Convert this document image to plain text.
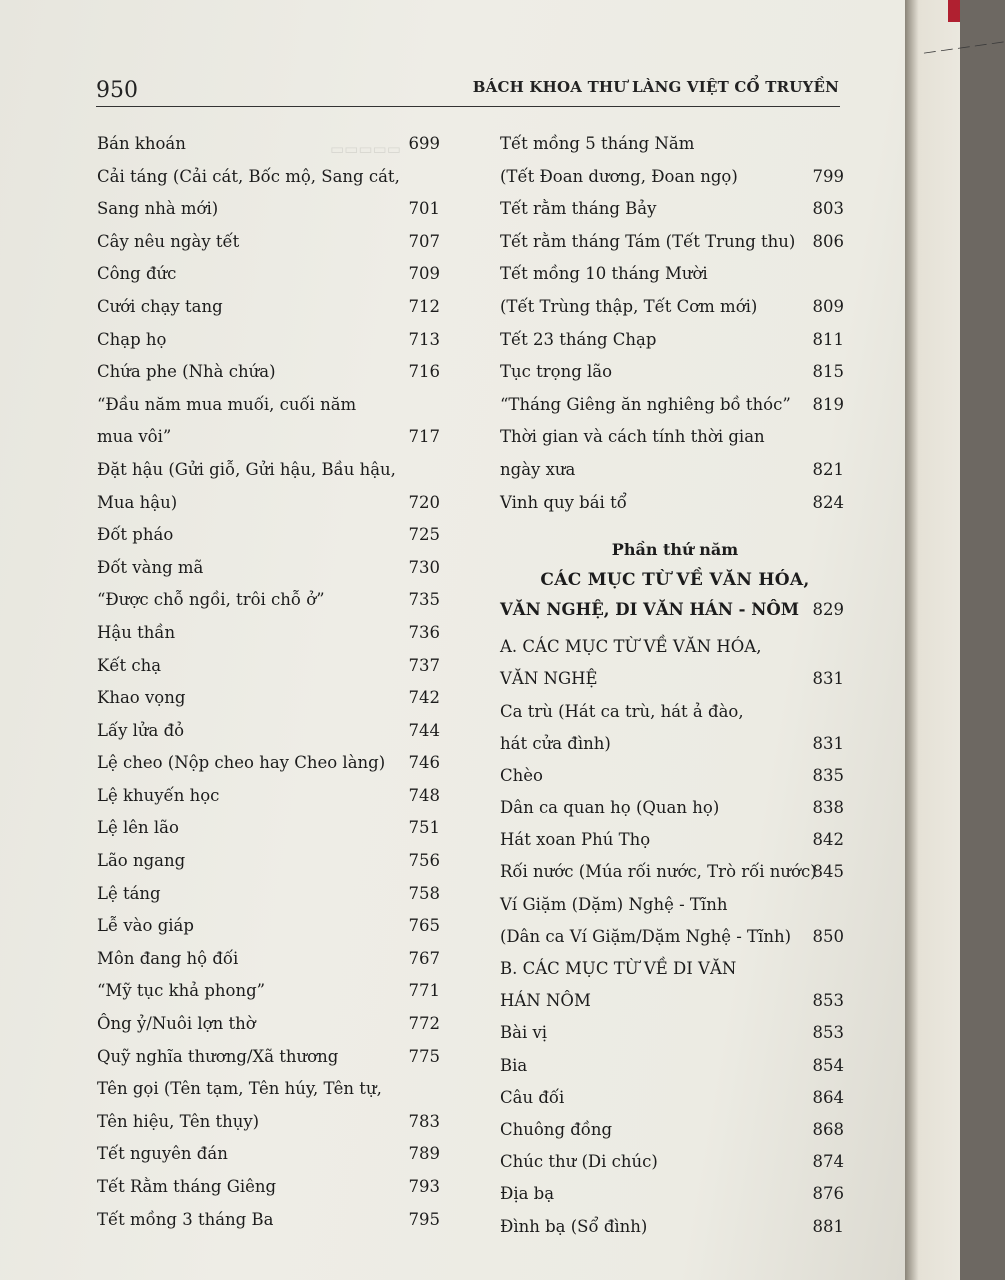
▭▭▭▭▭
950	BÁCH KHOA THƯ LÀNG VIỆT CỔ TRUYỀN
Bán khoán	699
Cải táng (Cải cát, Bốc mộ, Sang cát,
Sang nhà mới)	701
Cây nêu ngày tết	707
Công đức	709
Cưới chạy tang	712
Chạp họ	713
Chứa phe (Nhà chứa)	716
“Đầu năm mua muối, cuối năm
mua vôi”	717
Đặt hậu (Gửi giỗ, Gửi hậu, Bầu hậu,
Mua hậu)	720
Đốt pháo	725
Đốt vàng mã	730
“Được chỗ ngồi, trôi chỗ ở”	735
Hậu thần	736
Kết chạ	737
Khao vọng	742
Lấy lửa đỏ	744
Lệ cheo (Nộp cheo hay Cheo làng) 746
Lệ khuyến học	748
Lệ lên lão	751
Lão ngang	756
Lệ táng	758
Lễ vào giáp	765
Môn đang hộ đối	767
“Mỹ tục khả phong”	771
Ông ỷ/Nuôi lợn thờ	772
Quỹ nghĩa thương/Xã thương	775
Tên gọi (Tên tạm, Tên húy, Tên tự,
Tên hiệu, Tên thụy)	783
Tết nguyên đán	789
Tết Rằm tháng Giêng	793
Tết mồng 3 tháng Ba	795
Tết mồng 5 tháng Năm
(Tết Đoan dương, Đoan ngọ)	799
Tết rằm tháng Bảy	803
Tết rằm tháng Tám (Tết Trung thu) 806
Tết mồng 10 tháng Mười
(Tết Trùng thập, Tết Cơm mới)	809
Tết 23 tháng Chạp	811
Tục trọng lão	815
“Tháng Giêng ăn nghiêng bồ thóc” 819
Thời gian và cách tính thời gian
ngày xưa	821
Vinh quy bái tổ	824
Phần thứ năm
CÁC MỤC TỪ VỀ VĂN HÓA,
VĂN NGHỆ, DI VĂN HÁN - NÔM 829
A. CÁC MỤC TỪ VỀ VĂN HÓA,
VĂN NGHỆ	831
Ca trù (Hát ca trù, hát ả đào,
hát cửa đình)	831
Chèo	835
Dân ca quan họ (Quan họ)	838
Hát xoan Phú Thọ	842
Rối nước (Múa rối nước, Trò rối nước)
845
Ví Giặm (Dặm) Nghệ - Tĩnh
(Dân ca Ví Giặm/Dặm Nghệ - Tĩnh) 850
B. CÁC MỤC TỪ VỀ DI VĂN
HÁN NÔM	853
Bài vị	853
Bia	854
Câu đối	864
Chuông đồng	868
Chúc thư (Di chúc)	874
Địa bạ	876
Đình bạ (Sổ đình)	881
— — — — —
